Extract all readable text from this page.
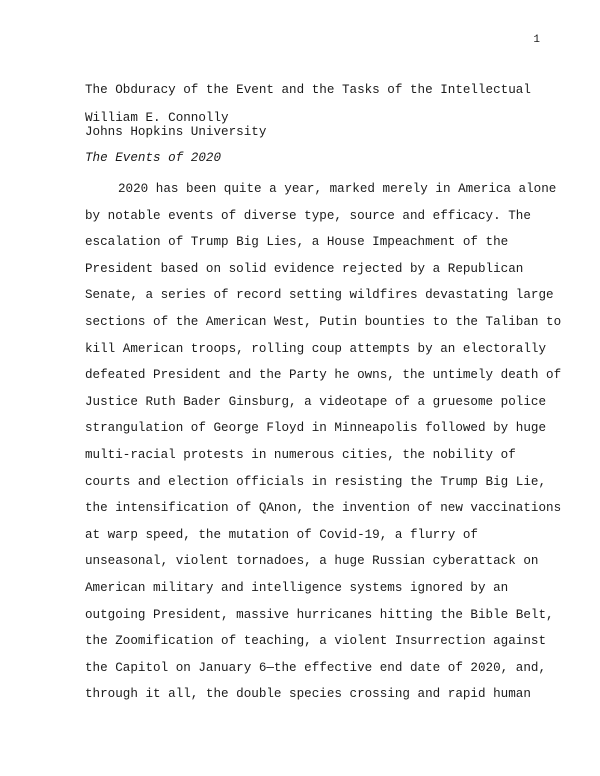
1
The Obduracy of the Event and the Tasks of the Intellectual
William E. Connolly
Johns Hopkins University
The Events of 2020
2020 has been quite a year, marked merely in America alone
by notable events of diverse type, source and efficacy. The
escalation of Trump Big Lies, a House Impeachment of the
President based on solid evidence rejected by a Republican
Senate, a series of record setting wildfires devastating large
sections of the American West, Putin bounties to the Taliban to
kill American troops, rolling coup attempts by an electorally
defeated President and the Party he owns, the untimely death of
Justice Ruth Bader Ginsburg, a videotape of a gruesome police
strangulation of George Floyd in Minneapolis followed by huge
multi-racial protests in numerous cities, the nobility of
courts and election officials in resisting the Trump Big Lie,
the intensification of QAnon, the invention of new vaccinations
at warp speed, the mutation of Covid-19, a flurry of
unseasonal, violent tornadoes, a huge Russian cyberattack on
American military and intelligence systems ignored by an
outgoing President, massive hurricanes hitting the Bible Belt,
the Zoomification of teaching, a violent Insurrection against
the Capitol on January 6—the effective end date of 2020, and,
through it all, the double species crossing and rapid human
